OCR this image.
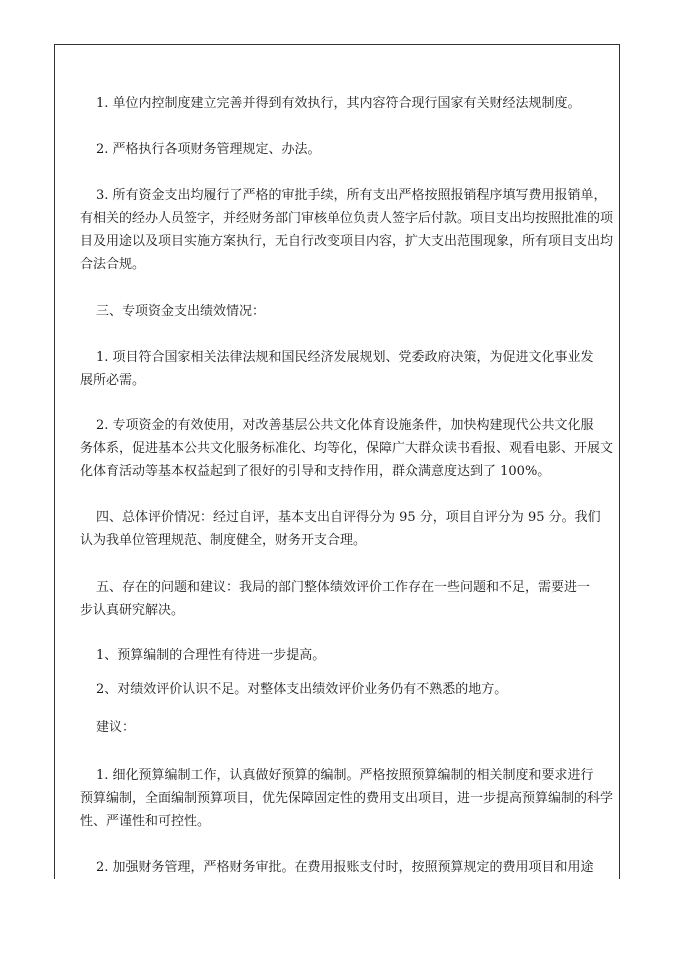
1. 单位内控制度建立完善并得到有效执行，其内容符合现行国家有关财经法规制度。

2. 严格执行各项财务管理规定、办法。

3. 所有资金支出均履行了严格的审批手续，所有支出严格按照报销程序填写费用报销单，
有相关的经办人员签字，并经财务部门审核单位负责人签字后付款。项目支出均按照批准的项
目及用途以及项目实施方案执行，无自行改变项目内容，扩大支出范围现象，所有项目支出均
合法合规。

三、专项资金支出绩效情况：

1. 项目符合国家相关法律法规和国民经济发展规划、党委政府决策，为促进文化事业发
展所必需。

2. 专项资金的有效使用，对改善基层公共文化体育设施条件，加快构建现代公共文化服
务体系，促进基本公共文化服务标准化、均等化，保障广大群众读书看报、观看电影、开展文
化体育活动等基本权益起到了很好的引导和支持作用，群众满意度达到了 100%。

四、总体评价情况：经过自评，基本支出自评得分为 95 分，项目自评分为 95 分。我们
认为我单位管理规范、制度健全，财务开支合理。

五、存在的问题和建议：我局的部门整体绩效评价工作存在一些问题和不足，需要进一
步认真研究解决。

1、预算编制的合理性有待进一步提高。

2、对绩效评价认识不足。对整体支出绩效评价业务仍有不熟悉的地方。

建议：

1. 细化预算编制工作，认真做好预算的编制。严格按照预算编制的相关制度和要求进行
预算编制，全面编制预算项目，优先保障固定性的费用支出项目，进一步提高预算编制的科学
性、严谨性和可控性。

2. 加强财务管理，严格财务审批。在费用报账支付时，按照预算规定的费用项目和用途
